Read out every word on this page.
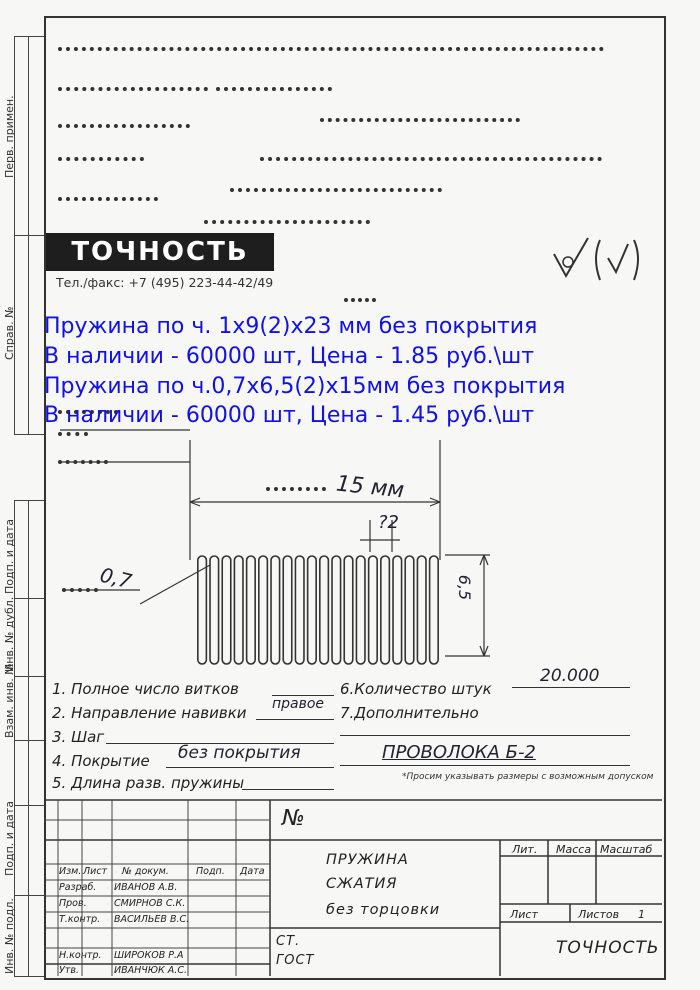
Перв. примен.
Справ. №
Подп. и дата
Инв. № дубл.
Взам. инв. №
Подп. и дата
Инв. № подл.
ТОЧНОСТЬ
Тел./факс: +7 (495) 223-44-42/49
15 мм
?2
0,7	6,5
Пружина по ч. 1х9(2)х23 мм без покрытия
В наличии - 60000 шт, Цена - 1.85 руб.\шт
Пружина по ч.0,7х6,5(2)х15мм без покрытия
В наличии - 60000 шт, Цена - 1.45 руб.\шт
1. Полное число витков
2. Направление навивки правое
3. Шаг
4. Покрытие без покрытия
5. Длина разв. пружины
6.Количество штук
20.000
7.Дополнительно
ПРОВОЛОКА Б-2
*Просим указывать размеры с возможным допуском
№
Изм. Лист № докум.	Подп. Дата
Разраб. ИВАНОВ А.В.
Пров.	СМИРНОВ С.К.
Т.контр. ВАСИЛЬЕВ В.С.
Н.контр. ШИРОКОВ Р.А
Утв.	ИВАНЧЮК А.С.
ПРУЖИНА
СЖАТИЯ
без торцовки
Лит. Масса Масштаб
Лист	Листов 1
ТОЧНОСТЬ
СТ.
ГОСТ
